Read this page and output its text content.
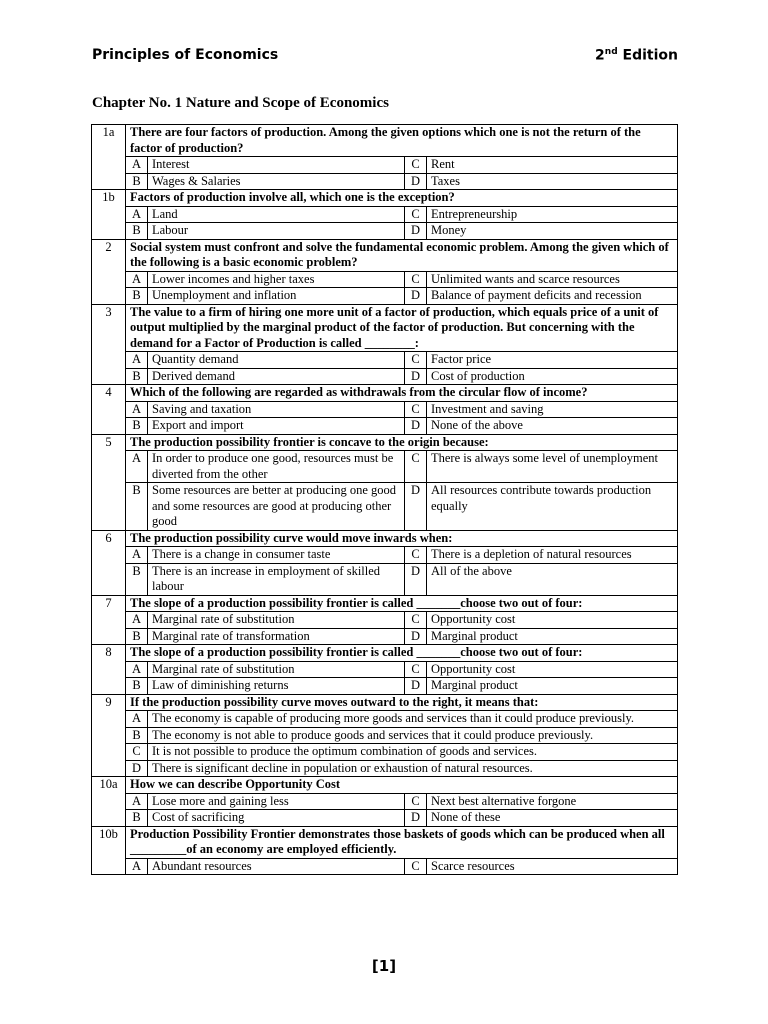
Principles of Economics	2nd Edition
Chapter No. 1 Nature and Scope of Economics
1a	There are four factors of production. Among the given options which one is not the return of the factor of production?			
	A	Interest	C	Rent
	B	Wages & Salaries	D	Taxes
1b	Factors of production involve all, which one is the exception?			
	A	Land	C	Entrepreneurship
	B	Labour	D	Money
2	Social system must confront and solve the fundamental economic problem. Among the given which of the following is a basic economic problem?			
	A	Lower incomes and higher taxes	C	Unlimited wants and scarce resources
	B	Unemployment and inflation	D	Balance of payment deficits and recession
3	The value to a firm of hiring one more unit of a factor of production, which equals price of a unit of output multiplied by the marginal product of the factor of production. But concerning with the demand for a Factor of Production is called ________:			
	A	Quantity demand	C	Factor price
	B	Derived demand	D	Cost of production
4	Which of the following are regarded as withdrawals from the circular flow of income?			
	A	Saving and taxation	C	Investment and saving
	B	Export and import	D	None of the above
5	The production possibility frontier is concave to the origin because:			
	A	In order to produce one good, resources must be diverted from the other	C	There is always some level of unemployment
	B	Some resources are better at producing one good and some resources are good at producing other good	D	All resources contribute towards production equally
6	The production possibility curve would move inwards when:			
	A	There is a change in consumer taste	C	There is a depletion of natural resources
	B	There is an increase in employment of skilled labour	D	All of the above
7	The slope of a production possibility frontier is called _______choose two out of four:			
	A	Marginal rate of substitution	C	Opportunity cost
	B	Marginal rate of transformation	D	Marginal product
8	The slope of a production possibility frontier is called _______choose two out of four:			
	A	Marginal rate of substitution	C	Opportunity cost
	B	Law of diminishing returns	D	Marginal product
9	If the production possibility curve moves outward to the right, it means that:			
	A	The economy is capable of producing more goods and services than it could produce previously.		
	B	The economy is not able to produce goods and services that it could produce previously.		
	C	It is not possible to produce the optimum combination of goods and services.		
	D	There is significant decline in population or exhaustion of natural resources.		
10a	How we can describe Opportunity Cost			
	A	Lose more and gaining less	C	Next best alternative forgone
	B	Cost of sacrificing	D	None of these
10b	Production Possibility Frontier demonstrates those baskets of goods which can be produced when all _________of an economy are employed efficiently.			
	A	Abundant resources	C	Scarce resources
[1]
